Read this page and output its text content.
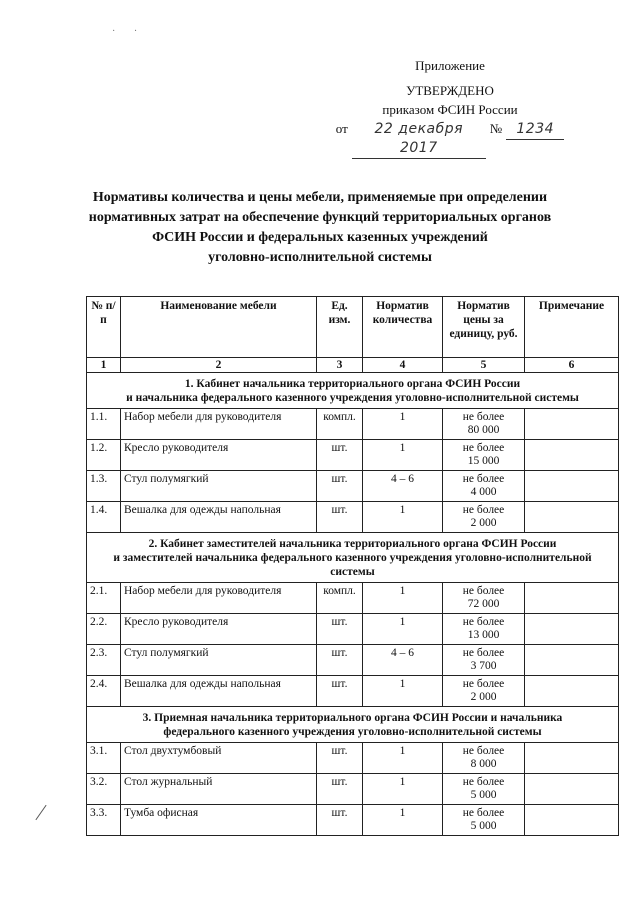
· ·
Приложение
УТВЕРЖДЕНО
приказом ФСИН России
от	22 декабря 2017
№	1234
Нормативы количества и цены мебели, применяемые при определении
нормативных затрат на обеспечение функций территориальных органов
ФСИН России и федеральных казенных учреждений
уголовно-исполнительной системы
№ п/п	Наименование мебели	Ед. изм.	Норматив количества	Норматив цены за единицу, руб.	Примечание
1	2	3	4	5	6

1. Кабинет начальника территориального органа ФСИН России
и начальника федерального казенного учреждения уголовно-исполнительной системы					

1.1.	Набор мебели для руководителя	компл.	1	не более
80 000	

1.2.	Кресло руководителя	шт.	1	не более
15 000	

1.3.	Стул полумягкий	шт.	4 – 6	не более
4 000	

1.4.	Вешалка для одежды напольная	шт.	1	не более
2 000	

2. Кабинет заместителей начальника территориального органа ФСИН России
и заместителей начальника федерального казенного учреждения уголовно-исполнительной системы					

2.1.	Набор мебели для руководителя	компл.	1	не более
72 000	

2.2.	Кресло руководителя	шт.	1	не более
13 000	

2.3.	Стул полумягкий	шт.	4 – 6	не более
3 700	

2.4.	Вешалка для одежды напольная	шт.	1	не более
2 000	

3. Приемная начальника территориального органа ФСИН России и начальника
федерального казенного учреждения уголовно-исполнительной системы					

3.1.	Стол двухтумбовый	шт.	1	не более
8 000	

3.2.	Стол журнальный	шт.	1	не более
5 000	

3.3.	Тумба офисная	шт.	1	не более
5 000	
